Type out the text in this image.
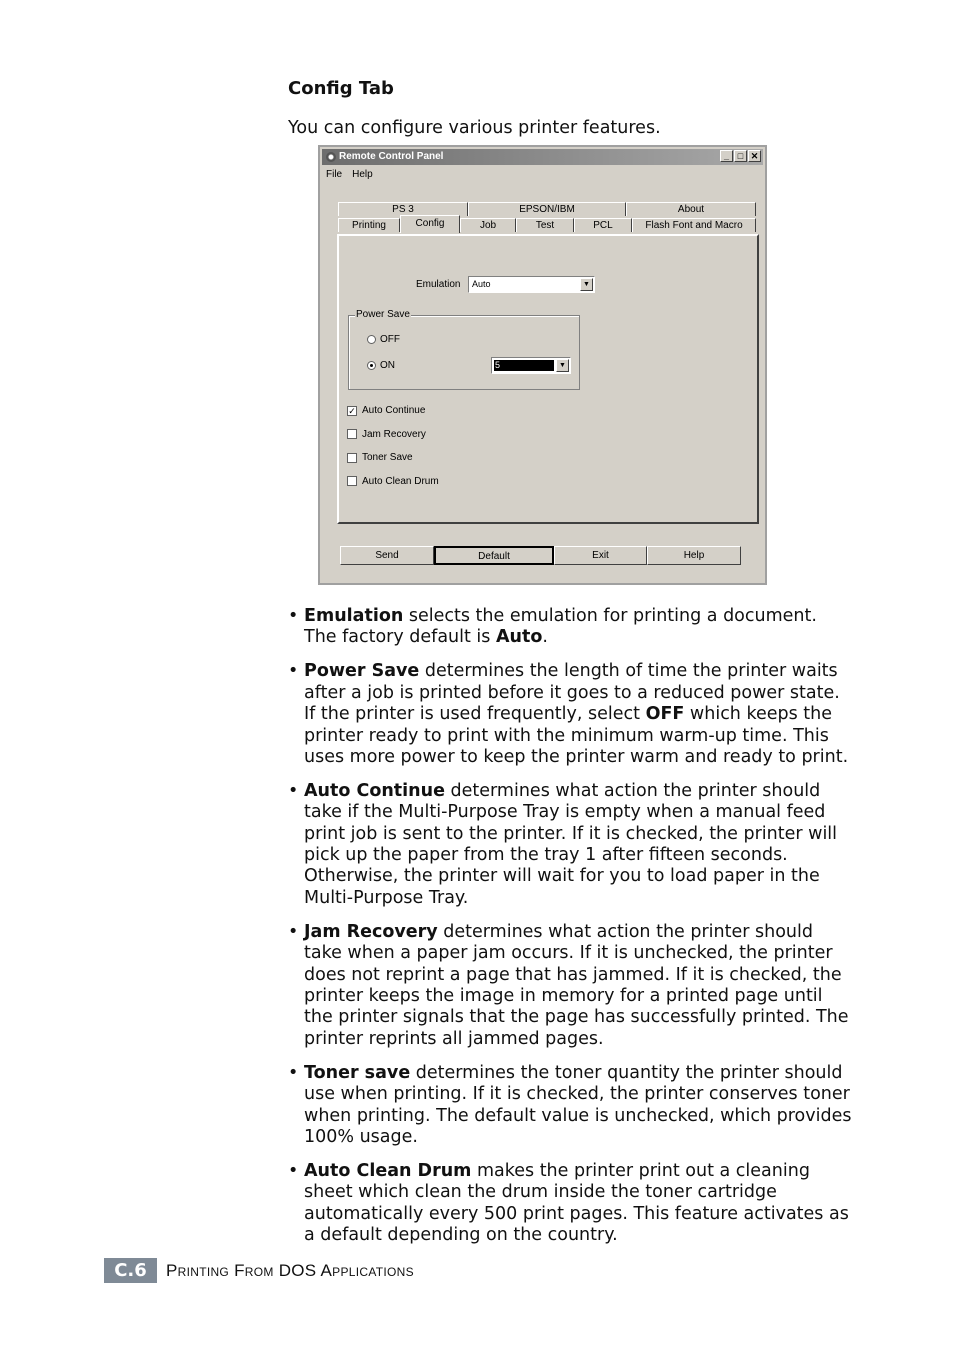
Config Tab

You can configure various printer features.

Remote Control Panel	_ □ ✕
File Help
PS 3	EPSON/IBM	About
Printing	Config	Job	Test	PCL	Flash Font and Macro
Emulation Auto	▼
Power Save
OFF
ON	5	▼
✓ Auto Continue
Jam Recovery
Toner Save
Auto Clean Drum
Send	Default	Exit	Help
• Emulation selects the emulation for printing a document. The factory default is Auto.
• Power Save determines the length of time the printer waits after a job is printed before it goes to a reduced power state. If the printer is used frequently, select OFF which keeps the printer ready to print with the minimum warm-up time. This uses more power to keep the printer warm and ready to print.
• Auto Continue determines what action the printer should take if the Multi-Purpose Tray is empty when a manual feed print job is sent to the printer. If it is checked, the printer will pick up the paper from the tray 1 after fifteen seconds. Otherwise, the printer will wait for you to load paper in the Multi-Purpose Tray.
• Jam Recovery determines what action the printer should take when a paper jam occurs. If it is unchecked, the printer does not reprint a page that has jammed. If it is checked, the printer keeps the image in memory for a printed page until the printer signals that the page has successfully printed. The printer reprints all jammed pages.
• Toner save determines the toner quantity the printer should use when printing. If it is checked, the printer conserves toner when printing. The default value is unchecked, which provides 100% usage.
• Auto Clean Drum makes the printer print out a cleaning sheet which clean the drum inside the toner cartridge automatically every 500 print pages. This feature activates as a default depending on the country.
C.6	Printing From DOS Applications
